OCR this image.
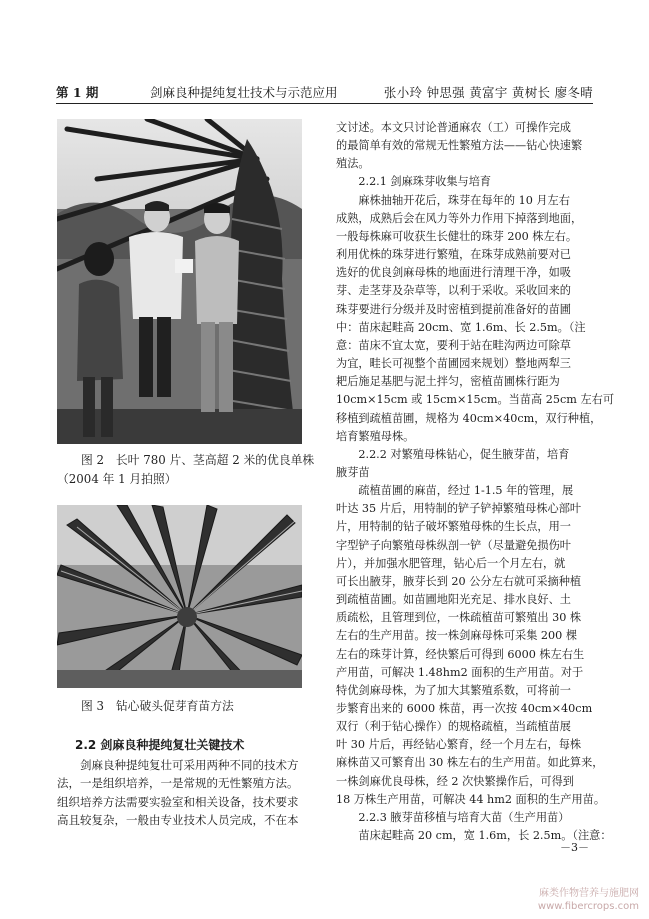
第 1 期	剑麻良种提纯复壮技术与示范应用	张小玲 钟思强 黄富宇 黄树长 廖冬晴
图 2　长叶 780 片、茎高超 2 米的优良单株
（2004 年 1 月拍照）
图 3　钻心破头促芽育苗方法
2.2 剑麻良种提纯复壮关键技术

剑麻良种提纯复壮可采用两种不同的技术方

法，一是组织培养，一是常规的无性繁殖方法。

组织培养方法需要实验室和相关设备，技术要求

高且较复杂，一般由专业技术人员完成，不在本

文讨述。本文只讨论普通麻农（工）可操作完成

的最简单有效的常规无性繁殖方法——钻心快速繁

殖法。

2.2.1 剑麻珠芽收集与培育

麻株抽轴开花后，珠芽在每年的 10 月左右

成熟，成熟后会在风力等外力作用下掉落到地面，

一般每株麻可收获生长健壮的珠芽 200 株左右。

利用优株的珠芽进行繁殖，在珠芽成熟前要对已

选好的优良剑麻母株的地面进行清理干净，如吸

芽、走茎芽及杂草等，以利于采收。采收回来的

珠芽要进行分级并及时密植到提前准备好的苗圃

中：苗床起畦高 20cm、宽 1.6m、长 2.5m。（注

意：苗床不宜太宽，要利于站在畦沟两边可除草

为宜，畦长可视整个苗圃园来规划）整地两犁三

耙后施足基肥与泥土拌匀，密植苗圃株行距为

10cm×15cm 或 15cm×15cm。当苗高 25cm 左右可

移植到疏植苗圃，规格为 40cm×40cm，双行种植，

培育繁殖母株。

2.2.2 对繁殖母株钻心，促生腋芽苗，培育

腋芽苗

疏植苗圃的麻苗，经过 1-1.5 年的管理，展

叶达 35 片后，用特制的铲子铲掉繁殖母株心部叶

片，用特制的钻子破坏繁殖母株的生长点，用一

字型铲子向繁殖母株纵剖一铲（尽量避免损伤叶

片），并加强水肥管理，钻心后一个月左右，就

可长出腋芽，腋芽长到 20 公分左右就可采摘种植

到疏植苗圃。如苗圃地阳光充足、排水良好、土

质疏松，且管理到位，一株疏植苗可繁殖出 30 株

左右的生产用苗。按一株剑麻母株可采集 200 棵

左右的珠芽计算，经快繁后可得到 6000 株左右生

产用苗，可解决 1.48hm2 面积的生产用苗。对于

特优剑麻母株，为了加大其繁殖系数，可将前一

步繁育出来的 6000 株苗，再一次按 40cm×40cm

双行（利于钻心操作）的规格疏植，当疏植苗展

叶 30 片后，再经钻心繁育，经一个月左右，每株

麻株苗又可繁育出 30 株左右的生产用苗。如此算来，

一株剑麻优良母株，经 2 次快繁操作后，可得到

18 万株生产用苗，可解决 44 hm2 面积的生产用苗。

2.2.3 腋芽苗移植与培育大苗（生产用苗）

苗床起畦高 20 cm，宽 1.6m，长 2.5m。（注意：

－3－
麻类作物营养与施肥网
www.fibercrops.com
